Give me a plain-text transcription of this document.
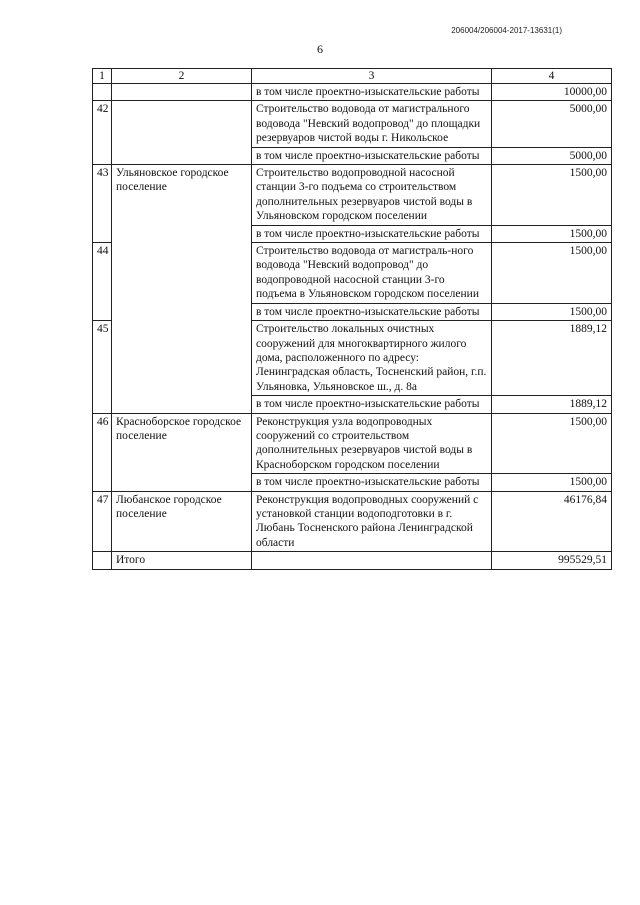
206004/206004-2017-13631(1)
6
1	2	3	4
		в том числе проектно-изыскательские работы	10000,00
42		Строительство водовода от магистрального водовода "Невский водопровод" до площадки резервуаров чистой воды г. Никольское	5000,00
		в том числе проектно-изыскательские работы	5000,00
43	Ульяновское городское поселение	Строительство водопроводной насосной станции 3-го подъема со строительством дополнительных резервуаров чистой воды в Ульяновском городском поселении	1500,00
		в том числе проектно-изыскательские работы	1500,00
44		Строительство водовода от магистраль-ного водовода "Невский водопровод" до водопроводной насосной станции 3-го подъема в Ульяновском городском поселении	1500,00
		в том числе проектно-изыскательские работы	1500,00
45		Строительство локальных очистных сооружений для многоквартирного жилого дома, расположенного по адресу: Ленинградская область, Тосненский район, г.п. Ульяновка, Ульяновское ш., д. 8а	1889,12
		в том числе проектно-изыскательские работы	1889,12
46	Красноборское городское поселение	Реконструкция узла водопроводных сооружений со строительством дополнительных резервуаров чистой воды в Красноборском городском поселении	1500,00
		в том числе проектно-изыскательские работы	1500,00
47	Любанское городское поселение	Реконструкция водопроводных сооружений с установкой станции водоподготовки в г. Любань Тосненского района Ленинградской области	46176,84
	Итого		995529,51
